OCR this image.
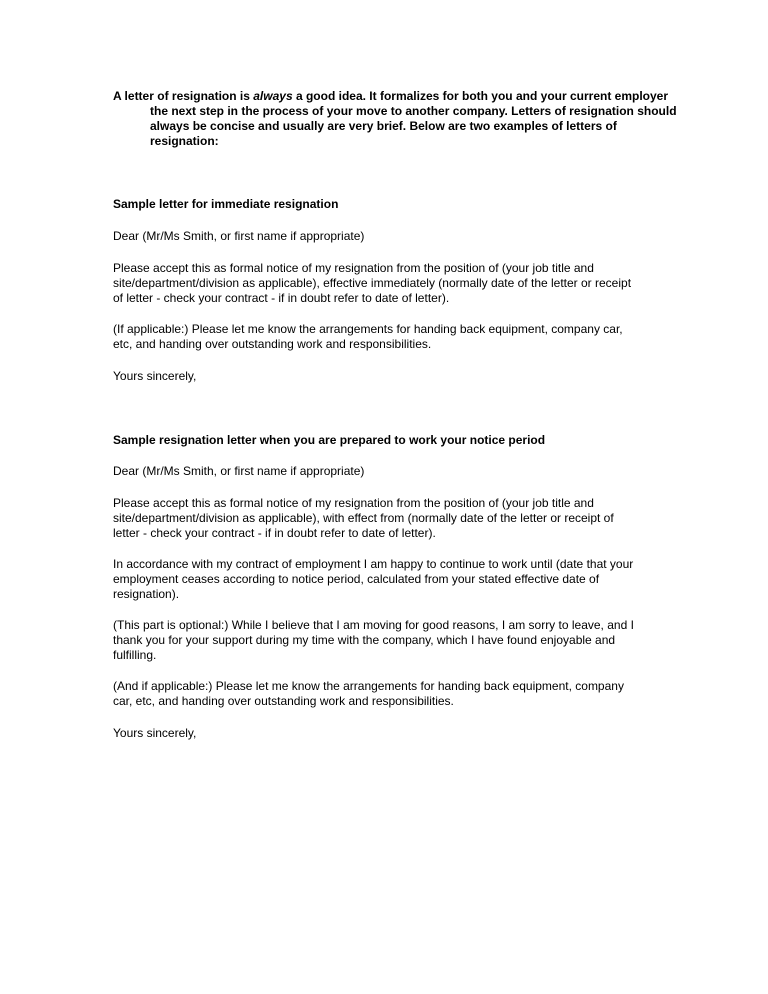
A letter of resignation is always a good idea. It formalizes for both you and your current employer the next step in the process of your move to another company. Letters of resignation should always be concise and usually are very brief. Below are two examples of letters of resignation:
Sample letter for immediate resignation
Dear (Mr/Ms Smith, or first name if appropriate)
Please accept this as formal notice of my resignation from the position of (your job title and
site/department/division as applicable), effective immediately (normally date of the letter or receipt
of letter - check your contract - if in doubt refer to date of letter).
(If applicable:) Please let me know the arrangements for handing back equipment, company car,
etc, and handing over outstanding work and responsibilities.
Yours sincerely,
Sample resignation letter when you are prepared to work your notice period
Dear (Mr/Ms Smith, or first name if appropriate)
Please accept this as formal notice of my resignation from the position of (your job title and
site/department/division as applicable), with effect from (normally date of the letter or receipt of
letter - check your contract - if in doubt refer to date of letter).
In accordance with my contract of employment I am happy to continue to work until (date that your
employment ceases according to notice period, calculated from your stated effective date of
resignation).
(This part is optional:) While I believe that I am moving for good reasons, I am sorry to leave, and I
thank you for your support during my time with the company, which I have found enjoyable and
fulfilling.
(And if applicable:) Please let me know the arrangements for handing back equipment, company
car, etc, and handing over outstanding work and responsibilities.
Yours sincerely,
